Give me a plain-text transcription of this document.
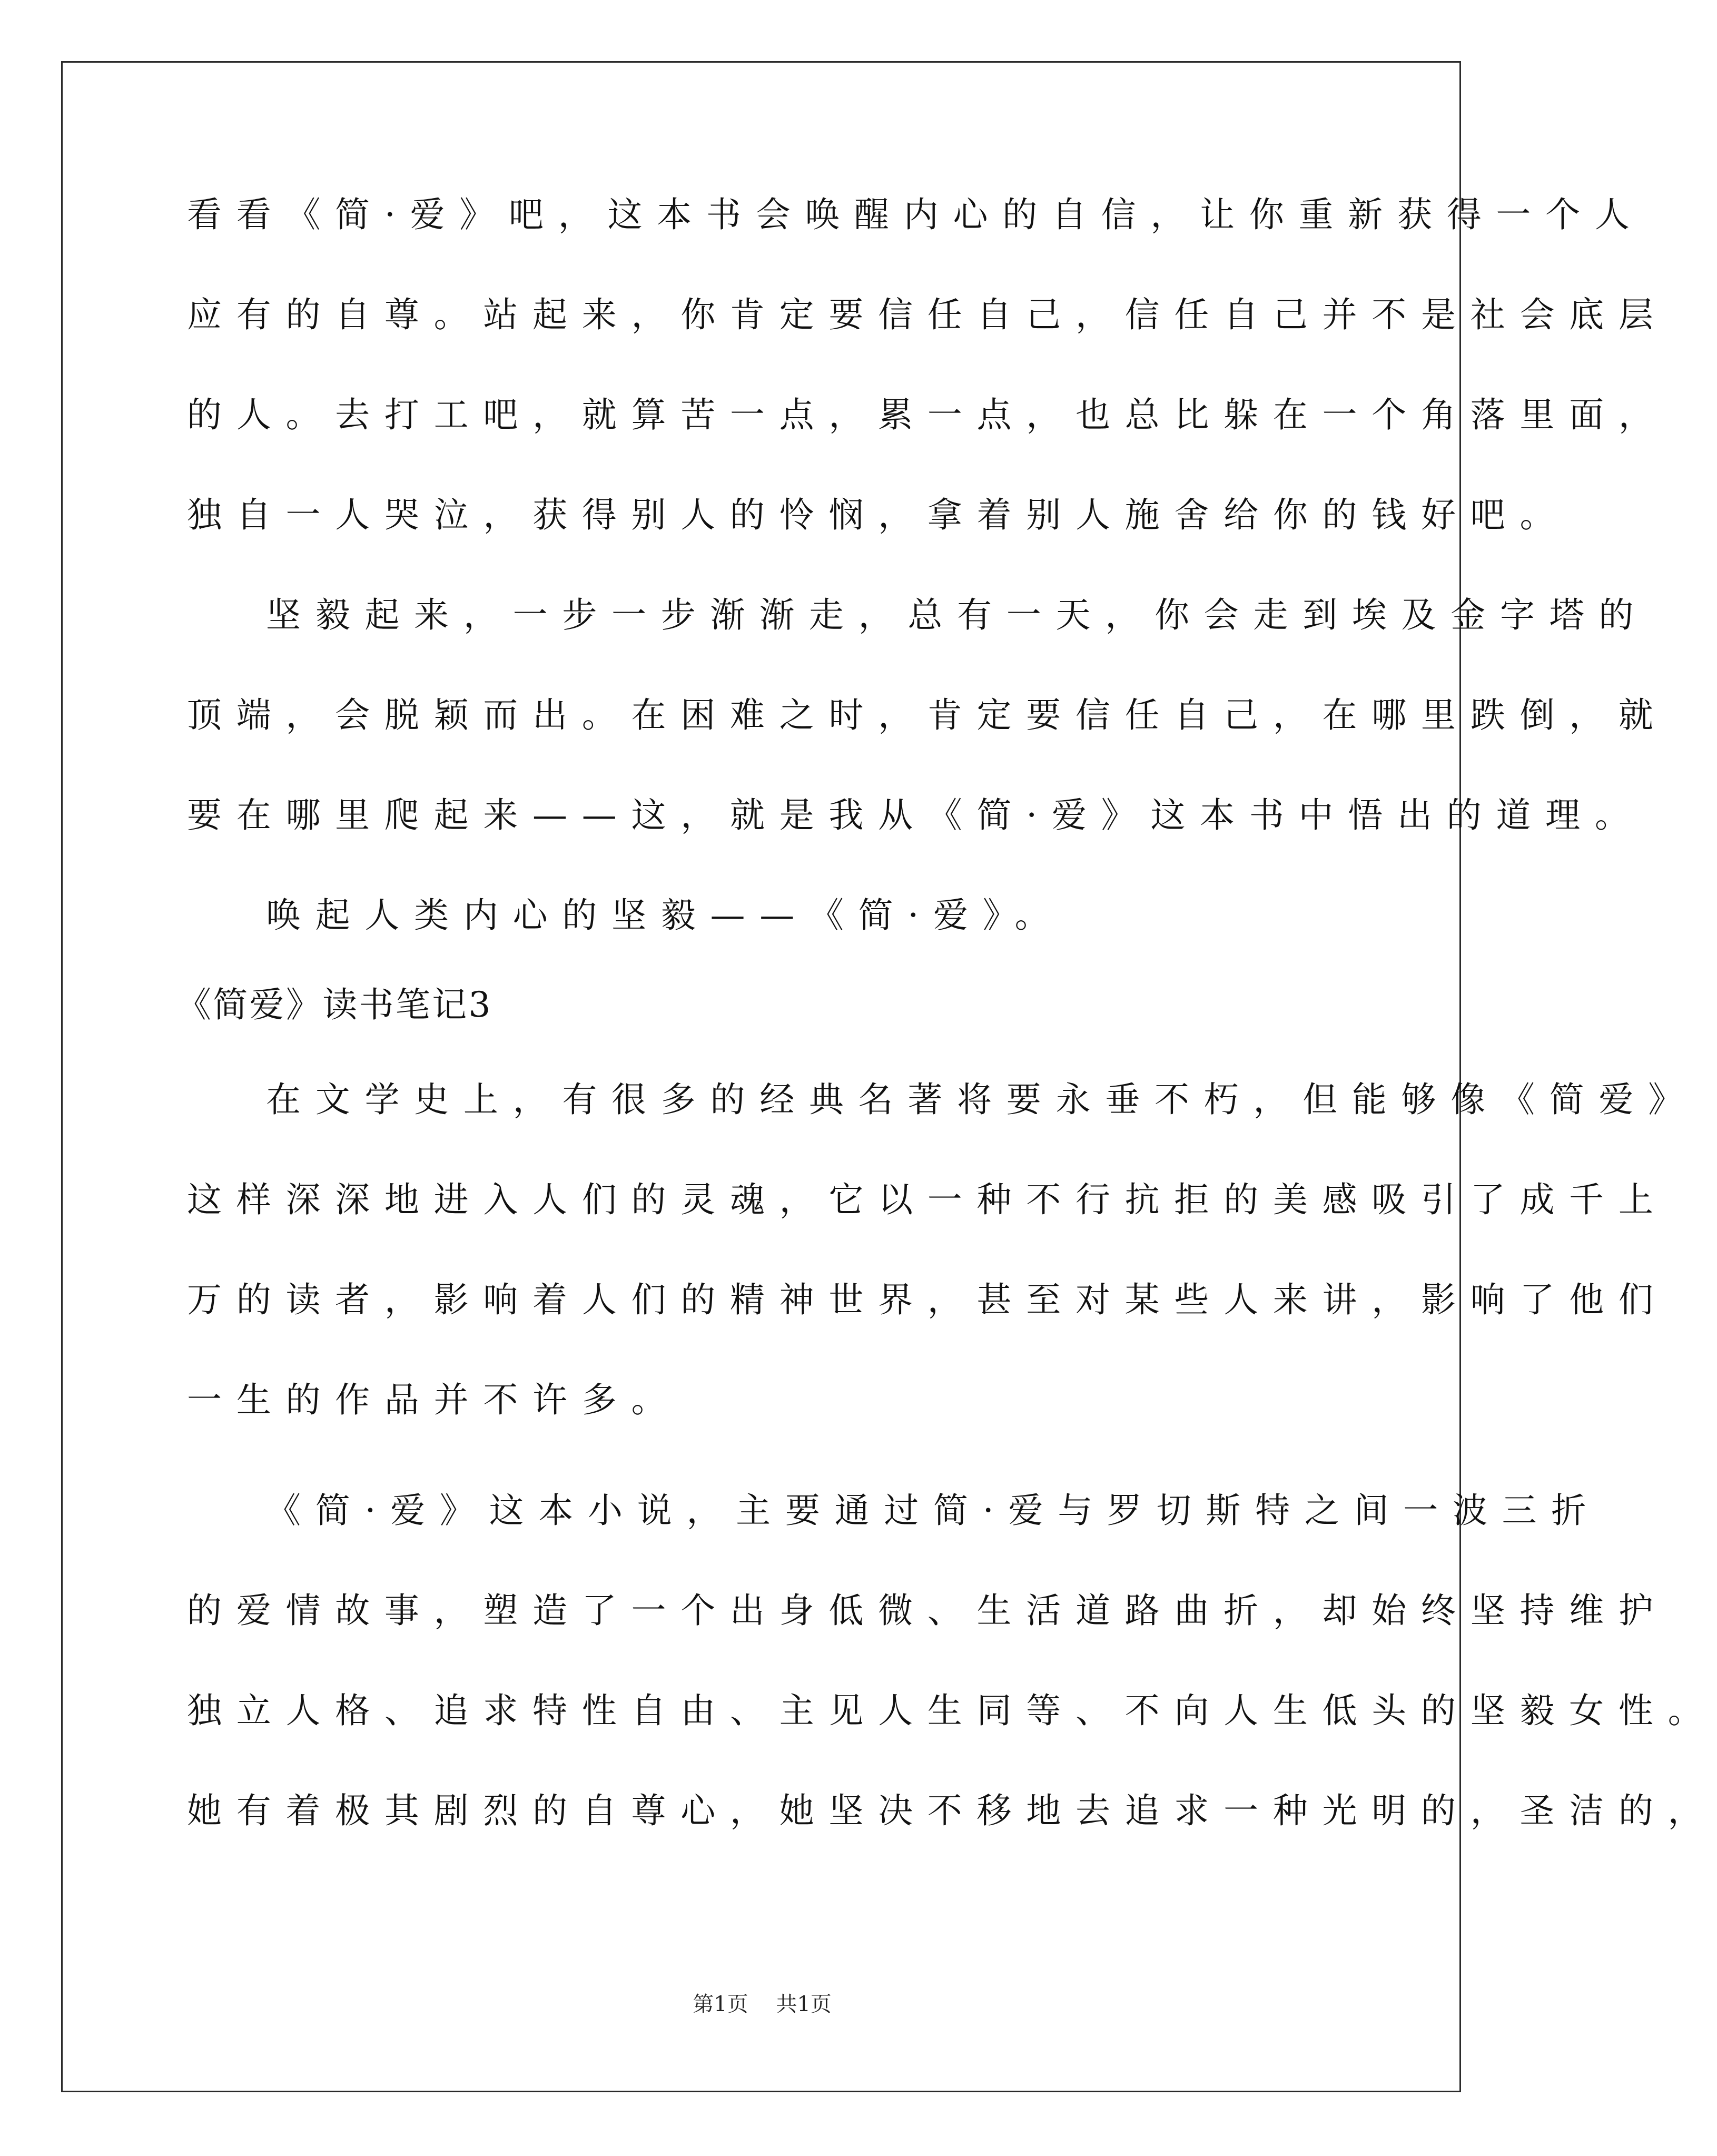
看看《简·爱》吧，这本书会唤醒内心的自信，让你重新获得一个人
应有的自尊。站起来，你肯定要信任自己，信任自己并不是社会底层
的人。去打工吧，就算苦一点，累一点，也总比躲在一个角落里面，
独自一人哭泣，获得别人的怜悯，拿着别人施舍给你的钱好吧。
坚毅起来，一步一步渐渐走，总有一天，你会走到埃及金字塔的
顶端，会脱颖而出。在困难之时，肯定要信任自己，在哪里跌倒，就
要在哪里爬起来——这，就是我从《简·爱》这本书中悟出的道理。
唤起人类内心的坚毅——《简·爱》。
《简爱》读书笔记3
在文学史上，有很多的经典名著将要永垂不朽，但能够像《简爱》
这样深深地进入人们的灵魂，它以一种不行抗拒的美感吸引了成千上
万的读者，影响着人们的精神世界，甚至对某些人来讲，影响了他们
一生的作品并不许多。
《简·爱》这本小说，主要通过简·爱与罗切斯特之间一波三折
的爱情故事，塑造了一个出身低微、生活道路曲折，却始终坚持维护
独立人格、追求特性自由、主见人生同等、不向人生低头的坚毅女性。
她有着极其剧烈的自尊心，她坚决不移地去追求一种光明的，圣洁的，
第1页 共1页
